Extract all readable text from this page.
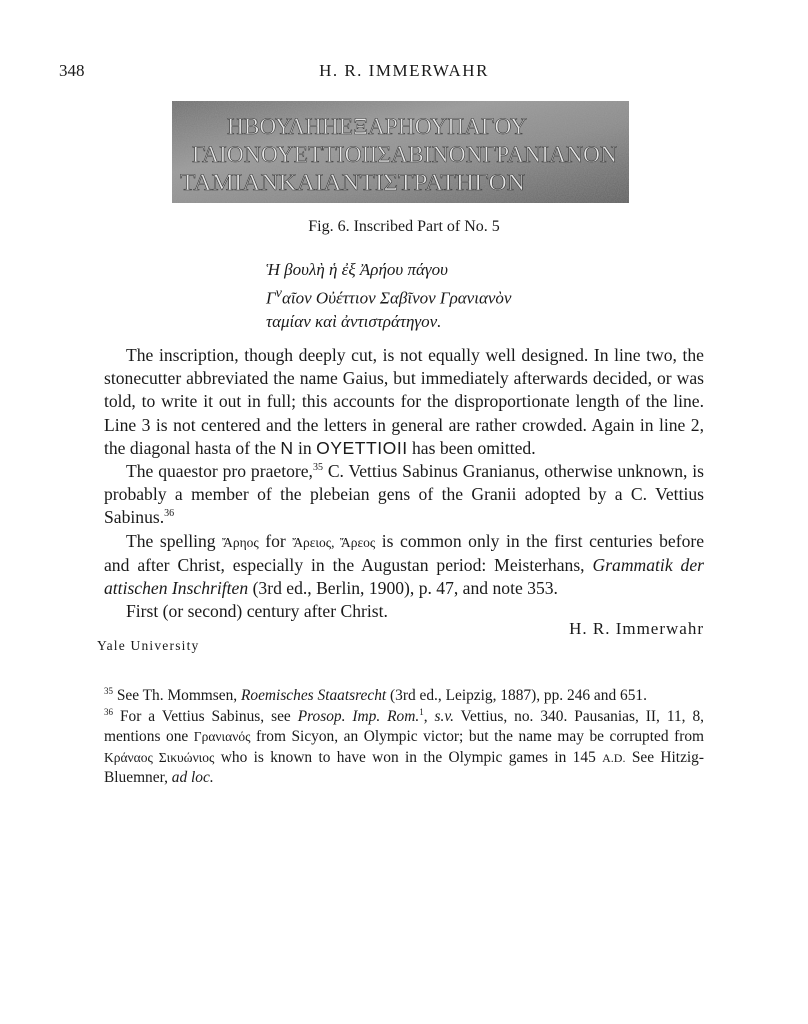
348	H. R. IMMERWAHR
ΗΒΟΥΛΗΗΕΞΑΡΗΟΥΠΑΓΟΥ
ΓΑΙΟΝΟΥΕΤΤΙΟΙΙΣΑΒΙΝΟΝΓΡΑΝΙΑΝΟΝ
ΤΑΜΙΑΝΚΑΙΑΝΤΙΣΤΡΑΤΗΓΟΝ
Fig. 6. Inscribed Part of No. 5
Ἡ βουλὴ ἡ ἐξ Ἀρήου πάγου
$\Gamma^\nu\alpha ῖo\nu$ Οὐέττιον Σαβῖνον Γρανιανὸν
ταμίαν καὶ ἀντιστράτηγον.

The inscription, though deeply cut, is not equally well designed. In line two, the stonecutter abbreviated the name Gaius, but immediately afterwards decided, or was told, to write it out in full; this accounts for the disproportionate length of the line. Line 3 is not centered and the letters in general are rather crowded. Again in line 2, the diagonal hasta of the N in OYETTIOII has been omitted.

The quaestor pro praetore,$^{35}$ C. Vettius Sabinus Granianus, otherwise unknown, is probably a member of the plebeian gens of the Granii adopted by a C. Vettius Sabinus.$^{36}$

The spelling Ἄρηος for Ἄρειος, Ἄρεος is common only in the first centuries before and after Christ, especially in the Augustan period: Meisterhans, Grammatik der attischen Inschriften (3rd ed., Berlin, 1900), p. 47, and note 353.

First (or second) century after Christ.

H. R. Immerwahr
Yale University

$^{35}$ See Th. Mommsen, Roemisches Staatsrecht (3rd ed., Leipzig, 1887), pp. 246 and 651.

$^{36}$ For a Vettius Sabinus, see Prosop. Imp. Rom.$^1$, s.v. Vettius, no. 340. Pausanias, II, 11, 8, mentions one Γρανιανός from Sicyon, an Olympic victor; but the name may be corrupted from Κράναος Σικυώνιος who is known to have won in the Olympic games in 145 A.D. See Hitzig-Bluemner, ad loc.
